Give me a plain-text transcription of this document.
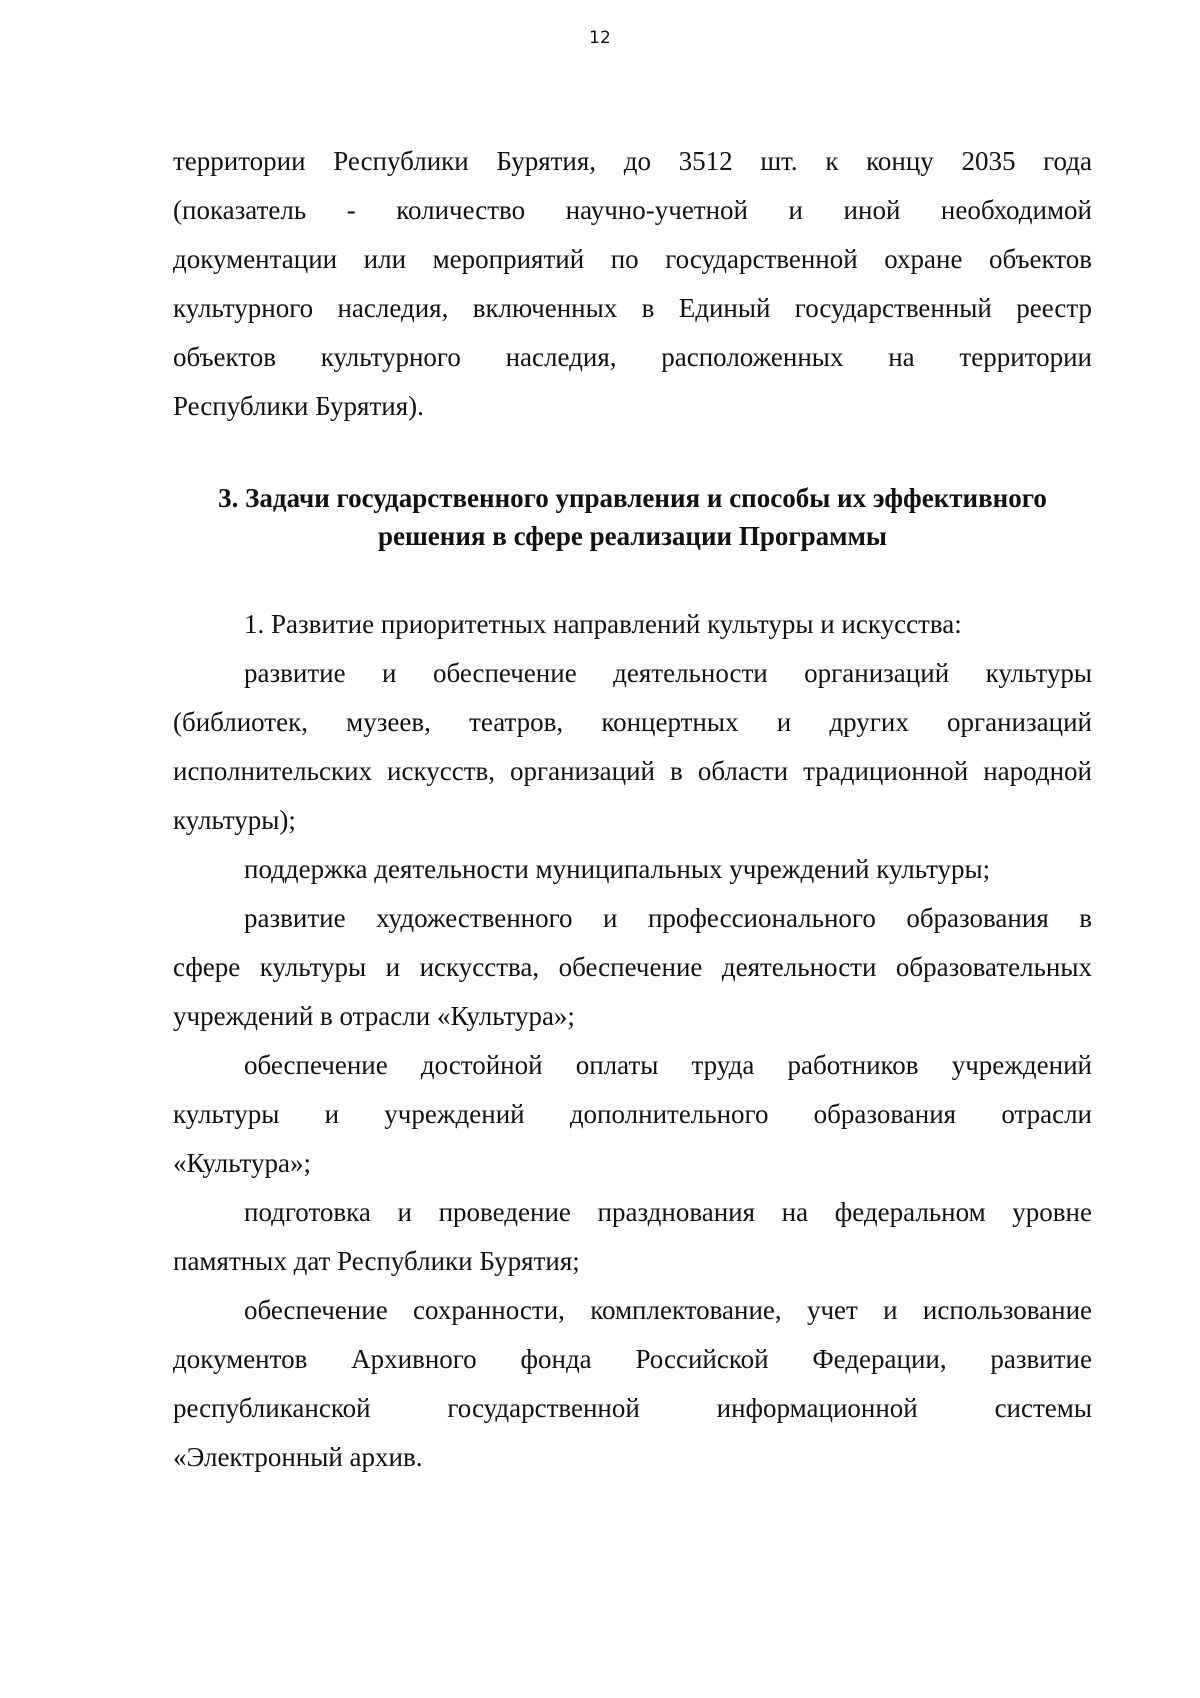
12

территории Республики Бурятия, до 3512 шт. к концу 2035 года

(показатель - количество научно-учетной и иной необходимой

документации или мероприятий по государственной охране объектов

культурного наследия, включенных в Единый государственный реестр

объектов культурного наследия, расположенных на территории

Республики Бурятия).

3. Задачи государственного управления и способы их эффективного
решения в сфере реализации Программы

1. Развитие приоритетных направлений культуры и искусства:

развитие и обеспечение деятельности организаций культуры

(библиотек, музеев, театров, концертных и других организаций

исполнительских искусств, организаций в области традиционной народной

культуры);

поддержка деятельности муниципальных учреждений культуры;

развитие художественного и профессионального образования в

сфере культуры и искусства, обеспечение деятельности образовательных

учреждений в отрасли «Культура»;

обеспечение достойной оплаты труда работников учреждений

культуры и учреждений дополнительного образования отрасли

«Культура»;

подготовка и проведение празднования на федеральном уровне

памятных дат Республики Бурятия;

обеспечение сохранности, комплектование, учет и использование

документов Архивного фонда Российской Федерации, развитие

республиканской государственной информационной системы

«Электронный архив.
